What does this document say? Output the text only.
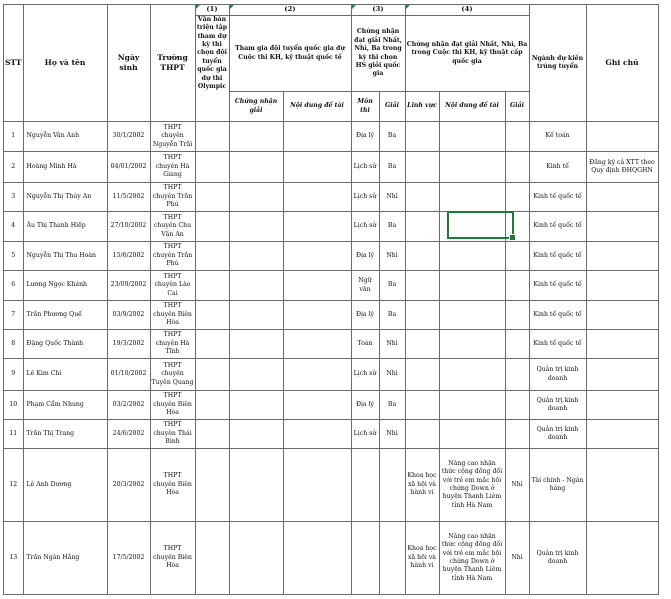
STT	Họ và tên	Ngày sinh	Trường THPT	(1)	(2)		(3)		(4)			Ngành dự kiến trúng tuyển	Ghi chú
				Văn bản triệu tập tham dự kỳ thi chọn đội tuyển quốc gia dự thi Olympic	Tham gia đội tuyển quốc gia dự Cuộc thi KH, kỹ thuật quốc tế		Chứng nhận đạt giải Nhất, Nhì, Ba trong kỳ thi chọn HS giỏi quốc gia		Chứng nhận đạt giải Nhất, Nhì, Ba trong Cuộc thi KH, kỹ thuật cấp quốc gia				
					Chứng nhận giải	Nội dung đề tài	Môn thi	Giải	Lĩnh vực	Nội dung đề tài	Giải		
1	Nguyễn Vân Anh	30/1/2002	THPT chuyên Nguyễn Trãi				Địa lý	Ba				Kế toán	
2	Hoàng Minh Hà	04/01/2002	THPT chuyên Hà Giang				Lịch sử	Ba				Kinh tế	Đăng ký cả XTT theo Quy định ĐHQGHN
3	Nguyễn Thị Thúy An	11/5/2002	THPT chuyên Trần Phú				Lịch sử	Nhì				Kinh tế quốc tế	
4	Âu Thị Thanh Hiệp	27/10/2002	THPT chuyên Chu Văn An				Lịch sử	Ba				Kinh tế quốc tế	
5	Nguyễn Thị Thu Hoàn	15/6/2002	THPT chuyên Trần Phú				Địa lý	Nhì				Kinh tế quốc tế	
6	Lương Ngọc Khánh	23/09/2002	THPT chuyên Lào Cai				Ngữ văn	Ba				Kinh tế quốc tế	
7	Trần Phương Quế	03/9/2002	THPT chuyên Biên Hòa				Địa lý	Ba				Kinh tế quốc tế	
8	Đặng Quốc Thành	19/3/2002	THPT chuyên Hà Tĩnh				Toán	Nhì				Kinh tế quốc tế	
9	Lê Kim Chi	01/10/2002	THPT chuyên Tuyên Quang				Lịch sử	Nhì				Quản trị kinh doanh	
10	Phạm Cẩm Nhung	03/2/2002	THPT chuyên Biên Hòa				Địa lý	Ba				Quản trị kinh doanh	
11	Trần Thị Trang	24/6/2002	THPT chuyên Thái Bình				Lịch sử	Nhì				Quản trị kinh doanh	
12	Lê Anh Dương	20/3/2002	THPT chuyên Biên Hòa						Khoa học xã hội và hành vi	Nâng cao nhận thức cộng đồng đối với trẻ em mắc hội chứng Down ở huyện Thanh Liêm tỉnh Hà Nam	Nhì	Tài chính - Ngân hàng	
13	Trần Ngân Hằng	17/5/2002	THPT chuyên Biên Hòa						Khoa học xã hội và hành vi	Nâng cao nhận thức cộng đồng đối với trẻ em mắc hội chứng Down ở huyện Thanh Liêm tỉnh Hà Nam	Nhì	Quản trị kinh doanh	
